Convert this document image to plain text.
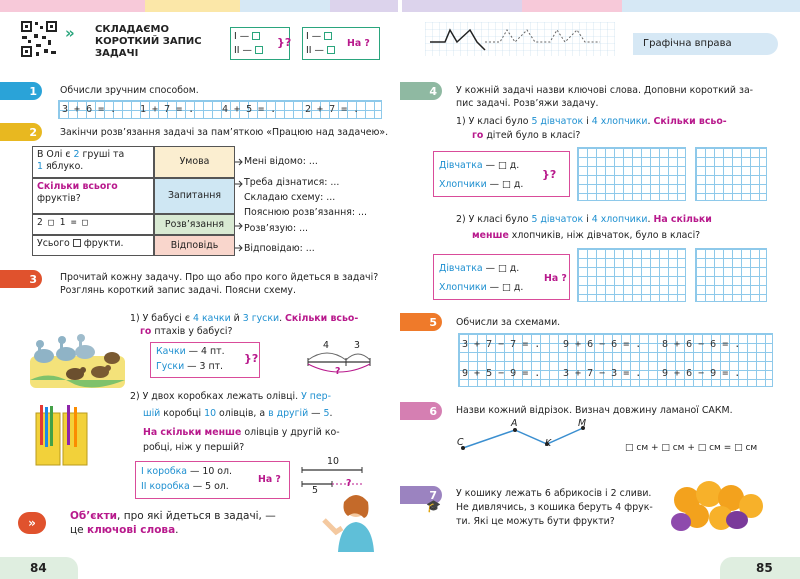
» СКЛАДАЄМО
КОРОТКИЙ ЗАПИС
ЗАДАЧІ
I —
II —
}? I —
II —
На ?	Графічна вправа
1	Обчисли зручним способом.
3 + 6 = . 1 + 7 = .	4 + 5 = .	2 + 7 = .
2	Закінчи розв’язання задачі за пам’яткою «Працюю над задачею».
В Олі є 2 груші та
1 яблуко.	Умова
Скільки всього
фруктів?	Запитання
2 □ 1 = □	Розв’язання
Усього  фрукти.	Відповідь
Мені відомо: ...
Треба дізнатися: ...
Складаю схему: ...
Пояснюю розв’язання: ...
Розв’язую: ...
Відповідаю: ...
3	Прочитай кожну задачу. Про що або про кого йдеться в задачі?
Розглянь короткий запис задачі. Поясни схему.
1) У бабусі є 4 качки й 3 гуски. Скільки всьо-
го птахів у бабусі?
Качки — 4 пт.
Гуски — 3 пт.
}?
4	3
?
2) У двох коробках лежать олівці. У пер-
шій коробці 10 олівців, а в другій — 5.
На скільки менше олівців у другій ко-
робці, ніж у першій?
I коробка — 10 ол.
II коробка — 5 ол.
На ?
10
5
?
»	Об’єкти, про які йдеться в задачі, —
це ключові слова.
84
4	У кожній задачі назви ключові слова. Доповни короткий за-
пис задачі. Розв’яжи задачу.
1) У класі було 5 дівчаток і 4 хлопчики. Скільки всьо-
го дітей було в класі?
Дівчатка — □ д.
Хлопчики — □ д.
}?
2) У класі було 5 дівчаток і 4 хлопчики. На скільки
менше хлопчиків, ніж дівчаток, було в класі?
Дівчатка — □ д.
Хлопчики — □ д.
На ?
5	Обчисли за схемами.
3 + 7 − 7 = . 9 + 6 − 6 = . 8 + 6 − 6 = .
9 + 5 − 9 = . 3 + 7 − 3 = . 9 + 6 − 9 = .
6	Назви кожний відрізок. Визнач довжину ламаної САКМ.
C
A
K
M
□ см + □ см + □ см = □ см
7
🎓
У кошику лежать 6 абрикосів і 2 сливи.
Не дивлячись, з кошика беруть 4 фрук-
ти. Які це можуть бути фрукти?
85
